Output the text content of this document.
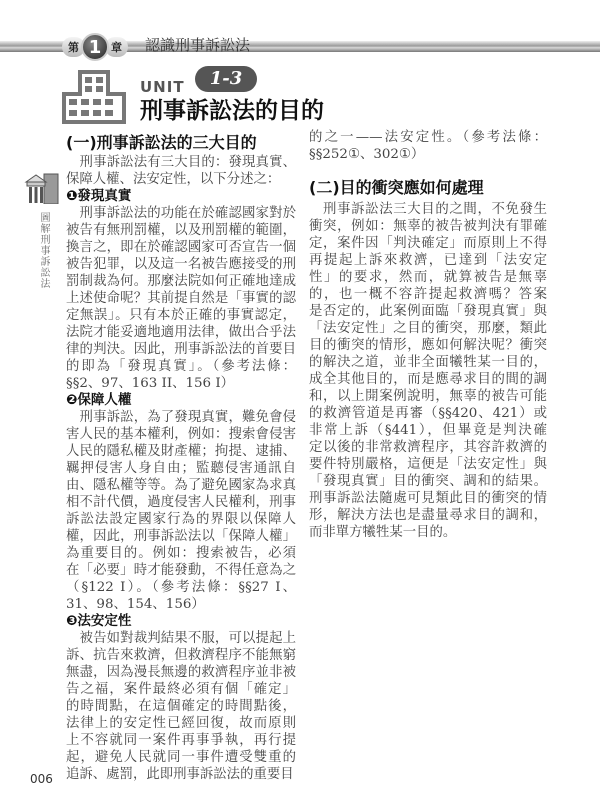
第 1 章	認識刑事訴訟法
UNIT	1-3
刑事訴訟法的目的
圖解刑事訴訟法
(一)刑事訴訟法的三大目的
　刑事訴訟法有三大目的：發現真實、
保障人權、法安定性，以下分述之：
❶發現真實
　刑事訴訟法的功能在於確認國家對於
被告有無刑罰權，以及刑罰權的範圍，
換言之，即在於確認國家可否宣告一個
被告犯罪，以及這一名被告應接受的刑
罰制裁為何。那麼法院如何正確地達成
上述使命呢？其前提自然是「事實的認
定無誤」。只有本於正確的事實認定，
法院才能妥適地適用法律，做出合乎法
律的判決。因此，刑事訴訟法的首要目
的即為「發現真實」。（參考法條：
§§2、97、163 II、156 I）
❷保障人權
　刑事訴訟，為了發現真實，難免會侵
害人民的基本權利，例如：搜索會侵害
人民的隱私權及財產權；拘提、逮捕、
羈押侵害人身自由；監聽侵害通訊自
由、隱私權等等。為了避免國家為求真
相不計代價，過度侵害人民權利，刑事
訴訟法設定國家行為的界限以保障人
權，因此，刑事訴訟法以「保障人權」
為重要目的。例如：搜索被告，必須
在「必要」時才能發動，不得任意為之
（§122 I）。（參考法條：§§27 I、
31、98、154、156）
❸法安定性
　被告如對裁判結果不服，可以提起上
訴、抗告來救濟，但救濟程序不能無窮
無盡，因為漫長無邊的救濟程序並非被
告之福，案件最終必須有個「確定」
的時間點，在這個確定的時間點後，
法律上的安定性已經回復，故而原則
上不容就同一案件再事爭執，再行提
起，避免人民就同一事件遭受雙重的
追訴、處罰，此即刑事訴訟法的重要目
的之一——法安定性。（參考法條：
§§252①、302①）
(二)目的衝突應如何處理
　刑事訴訟法三大目的之間，不免發生
衝突，例如：無辜的被告被判決有罪確
定，案件因「判決確定」而原則上不得
再提起上訴來救濟，已達到「法安定
性」的要求，然而，就算被告是無辜
的，也一概不容許提起救濟嗎？答案
是否定的，此案例面臨「發現真實」與
「法安定性」之目的衝突，那麼，類此
目的衝突的情形，應如何解決呢？衝突
的解決之道，並非全面犧牲某一目的，
成全其他目的，而是應尋求目的間的調
和，以上開案例說明，無辜的被告可能
的救濟管道是再審（§§420、421）或
非常上訴（§441），但畢竟是判決確
定以後的非常救濟程序，其容許救濟的
要件特別嚴格，這便是「法安定性」與
「發現真實」目的衝突、調和的結果。
刑事訴訟法隨處可見類此目的衝突的情
形，解決方法也是盡量尋求目的調和，
而非單方犧牲某一目的。
006
